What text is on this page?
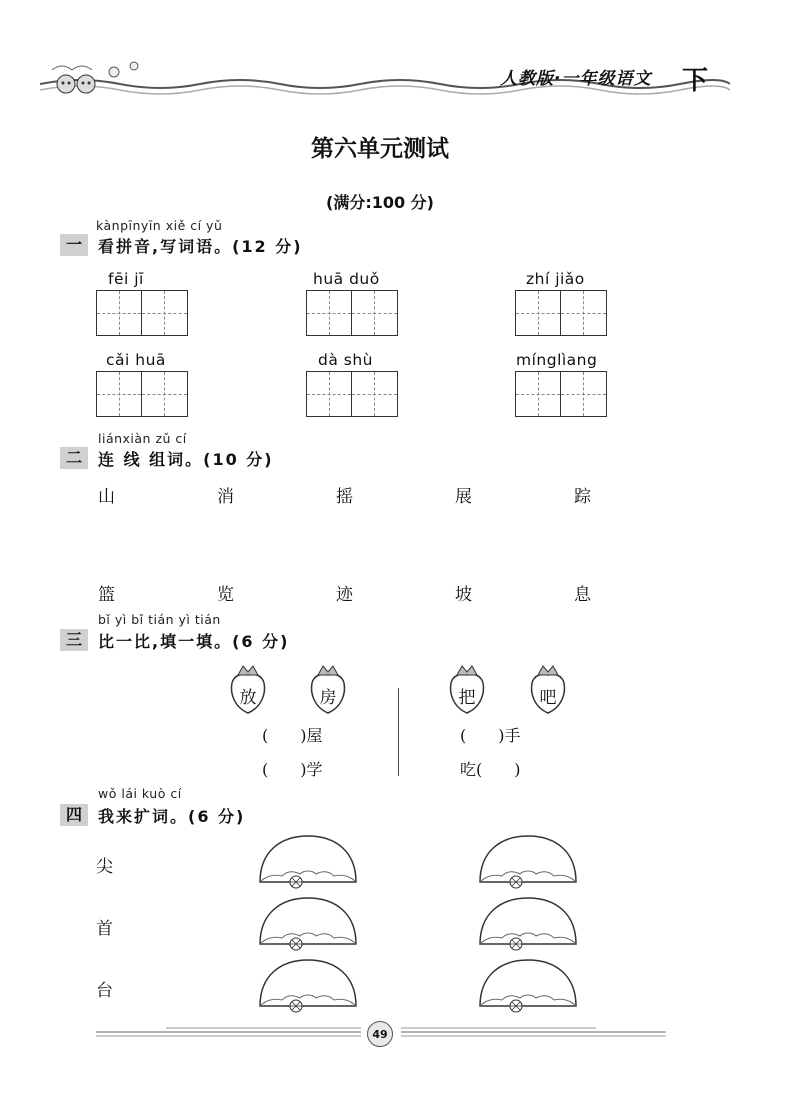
人教版·一年级语文 下
第六单元测试
(满分:100 分)
kànpīnyīn xiě cí yǔ
一	看拼音,写词语。(12 分)
fēi jī	huā duǒ	zhí jiǎo
cǎi huā	dà shù	mínglìang
liánxiàn zǔ cí
二	连 线 组词。(10 分)
山	消	摇	展	踪
篮	览	迹	坡	息
bǐ yì bǐ tián yì tián
三	比一比,填一填。(6 分)
放	房	把	吧
(　　)屋
(　　)学
(　　)手
吃(　　)
wǒ lái kuò cí
四	我来扩词。(6 分)
尖
首
台
49
